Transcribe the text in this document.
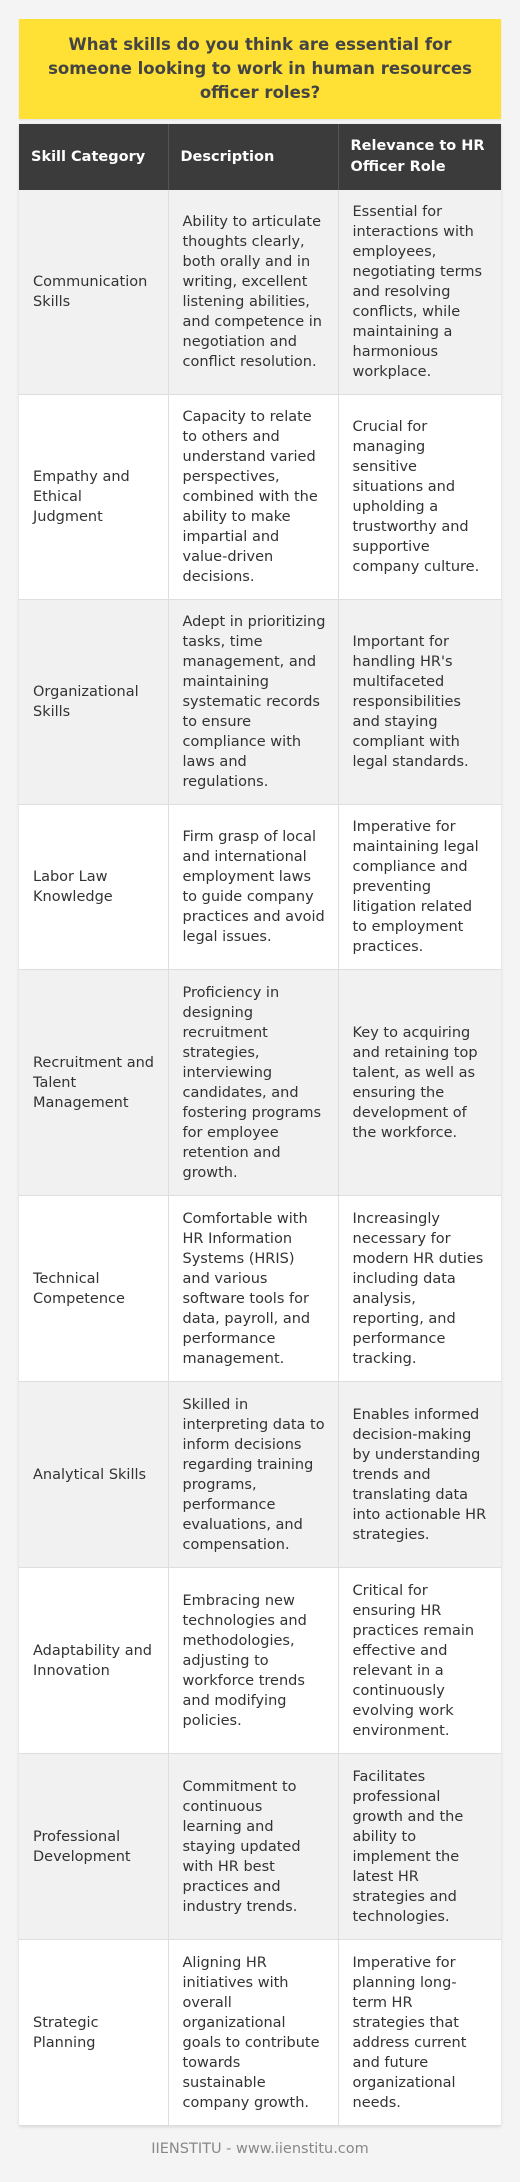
What skills do you think are essential for someone looking to work in human resources officer roles?
Skill Category	Description	Relevance to HR Officer Role
Communication Skills	Ability to articulate thoughts clearly, both orally and in writing, excellent listening abilities, and competence in negotiation and conflict resolution.	Essential for interactions with employees, negotiating terms and resolving conflicts, while maintaining a harmonious workplace.
Empathy and Ethical Judgment	Capacity to relate to others and understand varied perspectives, combined with the ability to make impartial and value-driven decisions.	Crucial for managing sensitive situations and upholding a trustworthy and supportive company culture.
Organizational Skills	Adept in prioritizing tasks, time management, and maintaining systematic records to ensure compliance with laws and regulations.	Important for handling HR's multifaceted responsibilities and staying compliant with legal standards.
Labor Law Knowledge	Firm grasp of local and international employment laws to guide company practices and avoid legal issues.	Imperative for maintaining legal compliance and preventing litigation related to employment practices.
Recruitment and Talent Management	Proficiency in designing recruitment strategies, interviewing candidates, and fostering programs for employee retention and growth.	Key to acquiring and retaining top talent, as well as ensuring the development of the workforce.
Technical Competence	Comfortable with HR Information Systems (HRIS) and various software tools for data, payroll, and performance management.	Increasingly necessary for modern HR duties including data analysis, reporting, and performance tracking.
Analytical Skills	Skilled in interpreting data to inform decisions regarding training programs, performance evaluations, and compensation.	Enables informed decision-making by understanding trends and translating data into actionable HR strategies.
Adaptability and Innovation	Embracing new technologies and methodologies, adjusting to workforce trends and modifying policies.	Critical for ensuring HR practices remain effective and relevant in a continuously evolving work environment.
Professional Development	Commitment to continuous learning and staying updated with HR best practices and industry trends.	Facilitates professional growth and the ability to implement the latest HR strategies and technologies.
Strategic Planning	Aligning HR initiatives with overall organizational goals to contribute towards sustainable company growth.	Imperative for planning long-term HR strategies that address current and future organizational needs.
IIENSTITU - www.iienstitu.com
